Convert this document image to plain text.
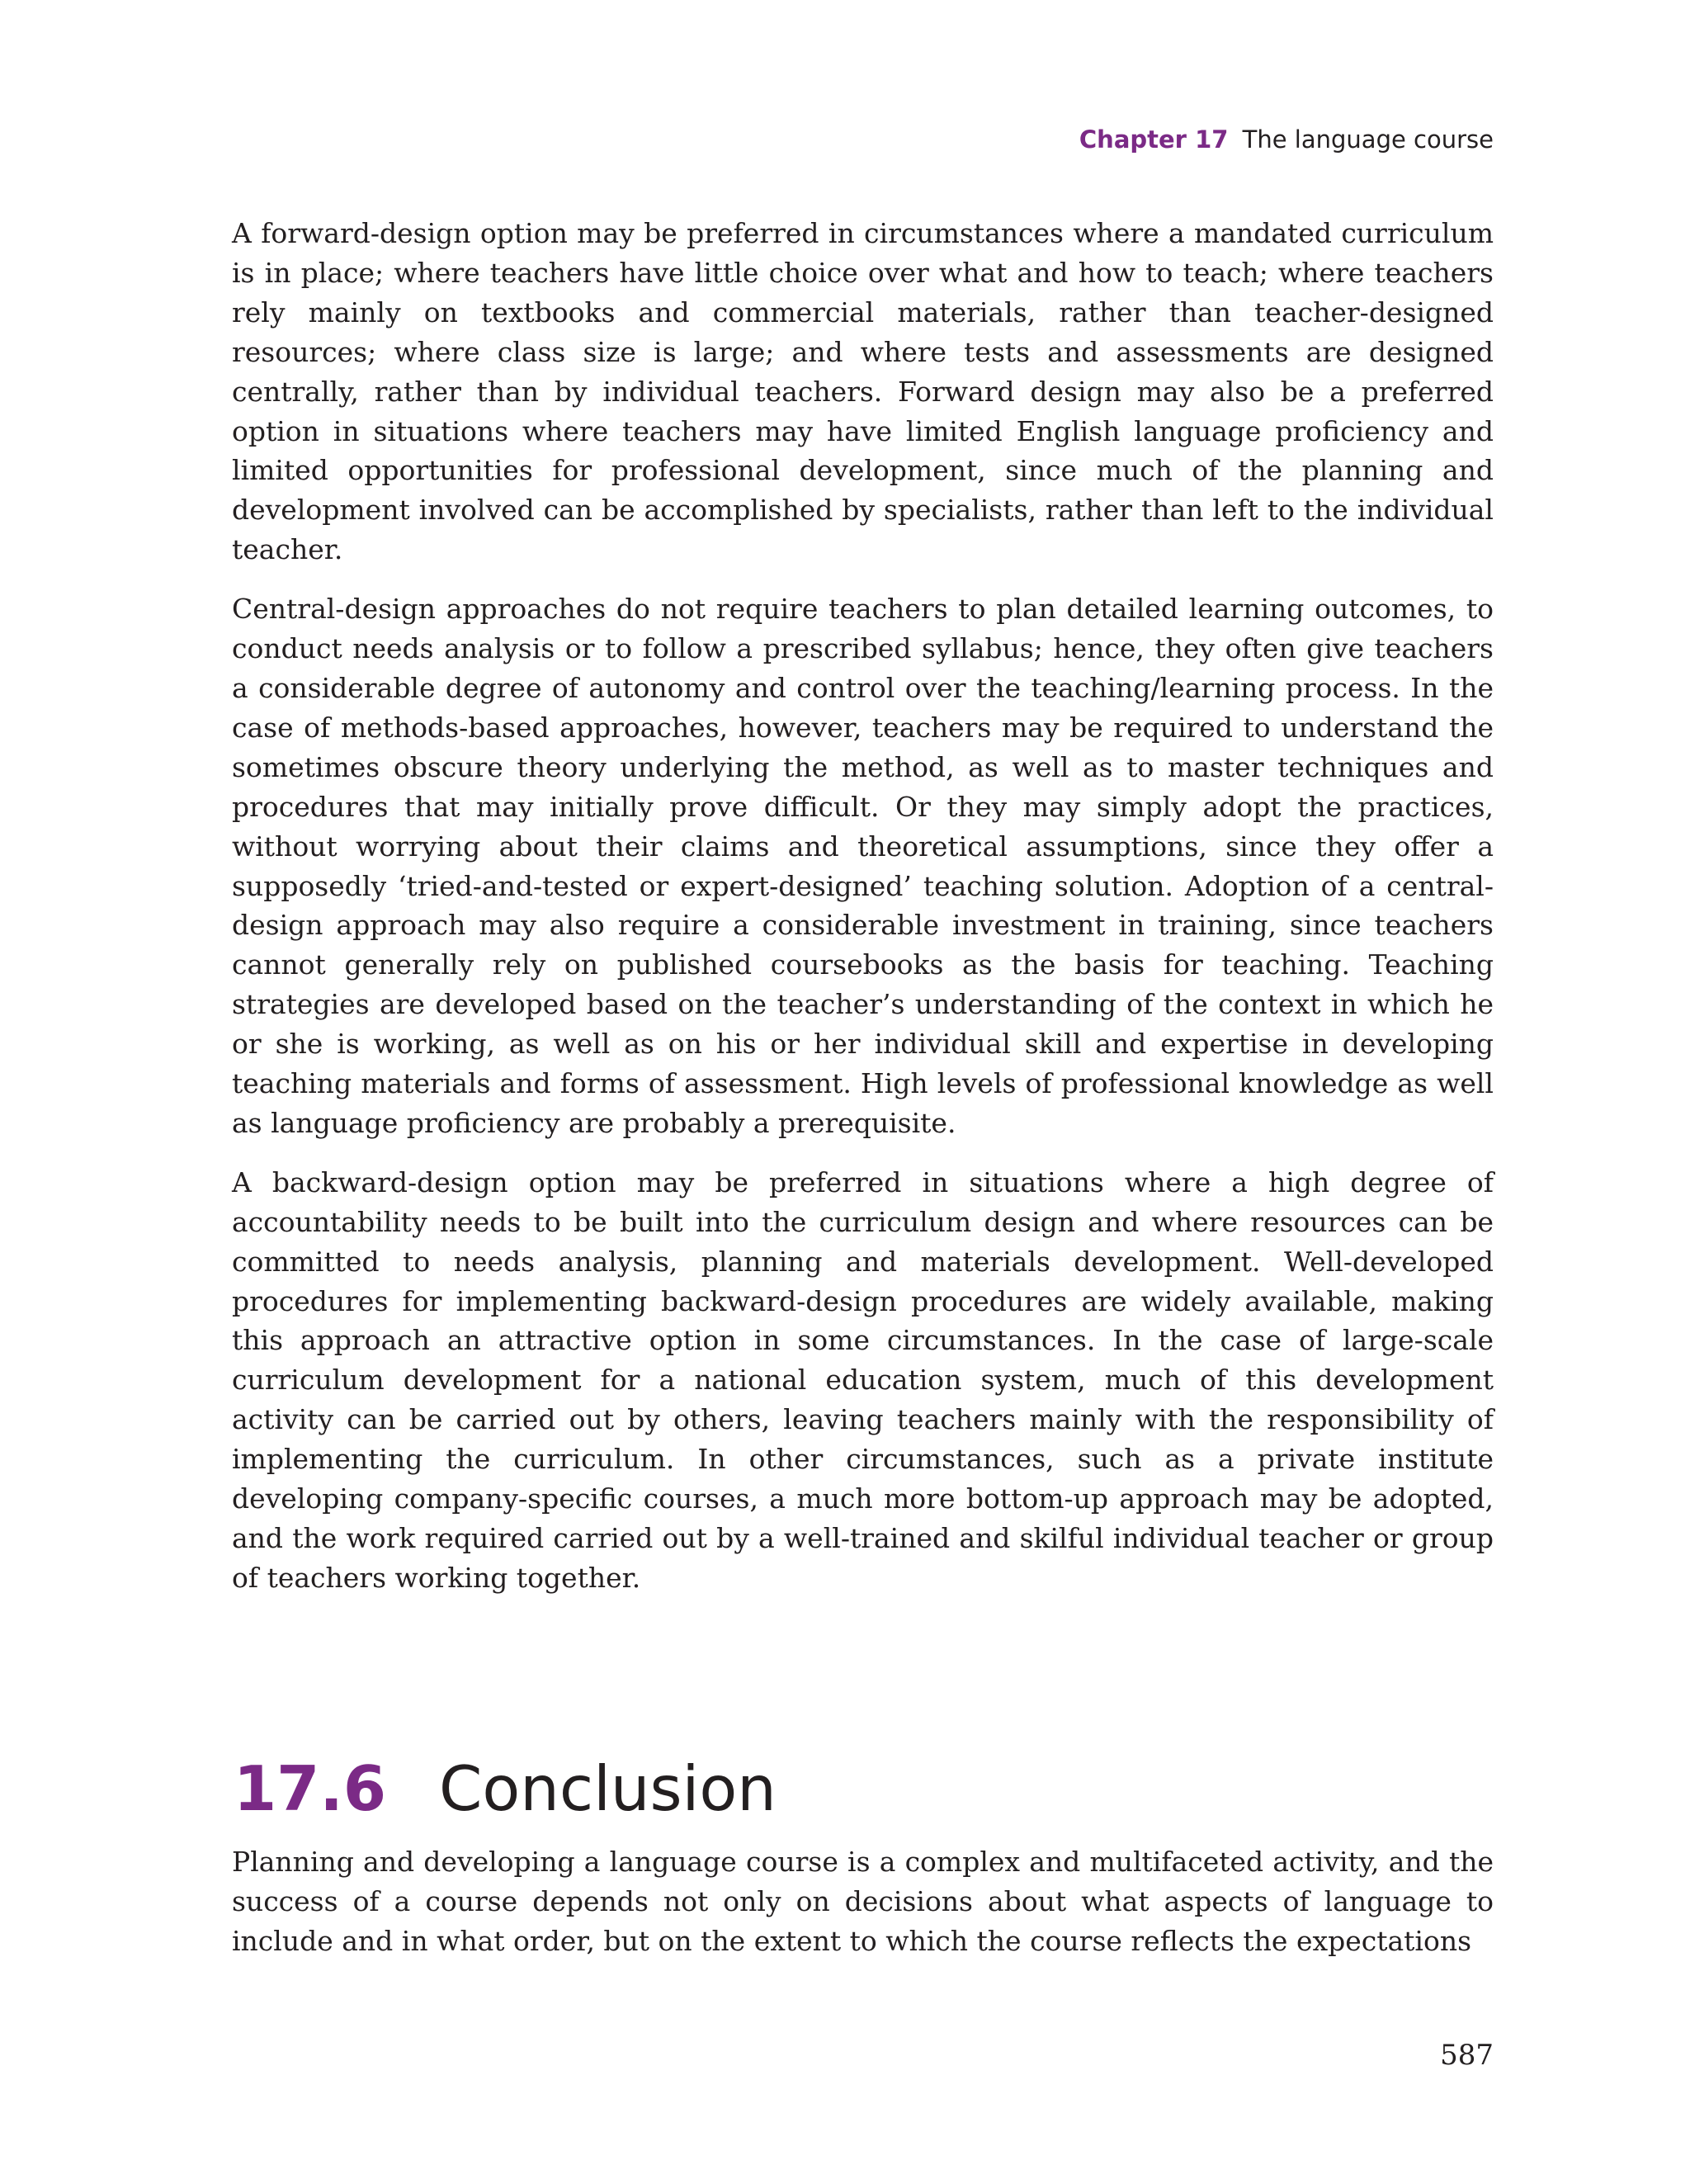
Chapter 17 The language course

A forward-design option may be preferred in circumstances where a mandated curriculum is in place; where teachers have little choice over what and how to teach; where teachers rely mainly on textbooks and commercial materials, rather than teacher-designed resources; where class size is large; and where tests and assessments are designed centrally, rather than by individual teachers. Forward design may also be a preferred option in situations where teachers may have limited English language proficiency and limited opportunities for professional development, since much of the planning and development involved can be accomplished by specialists, rather than left to the individual teacher.

Central-design approaches do not require teachers to plan detailed learning outcomes, to conduct needs analysis or to follow a prescribed syllabus; hence, they often give teachers a considerable degree of autonomy and control over the teaching/learning process. In the case of methods-based approaches, however, teachers may be required to understand the sometimes obscure theory underlying the method, as well as to master techniques and procedures that may initially prove difficult. Or they may simply adopt the practices, without worrying about their claims and theoretical assumptions, since they offer a supposedly ‘tried-and-tested or expert-designed’ teaching solution. Adoption of a central-design approach may also require a considerable investment in training, since teachers cannot generally rely on published coursebooks as the basis for teaching. Teaching strategies are developed based on the teacher’s understanding of the context in which he or she is working, as well as on his or her individual skill and expertise in developing teaching materials and forms of assessment. High levels of professional knowledge as well as language proficiency are probably a prerequisite.

A backward-design option may be preferred in situations where a high degree of accountability needs to be built into the curriculum design and where resources can be committed to needs analysis, planning and materials development. Well-developed procedures for implementing backward-design procedures are widely available, making this approach an attractive option in some circumstances. In the case of large-scale curriculum development for a national education system, much of this development activity can be carried out by others, leaving teachers mainly with the responsibility of implementing the curriculum. In other circumstances, such as a private institute developing company-specific courses, a much more bottom-up approach may be adopted, and the work required carried out by a well-trained and skilful individual teacher or group of teachers working together.

17.6 Conclusion

Planning and developing a language course is a complex and multifaceted activity, and the success of a course depends not only on decisions about what aspects of language to include and in what order, but on the extent to which the course reflects the expectations

587
